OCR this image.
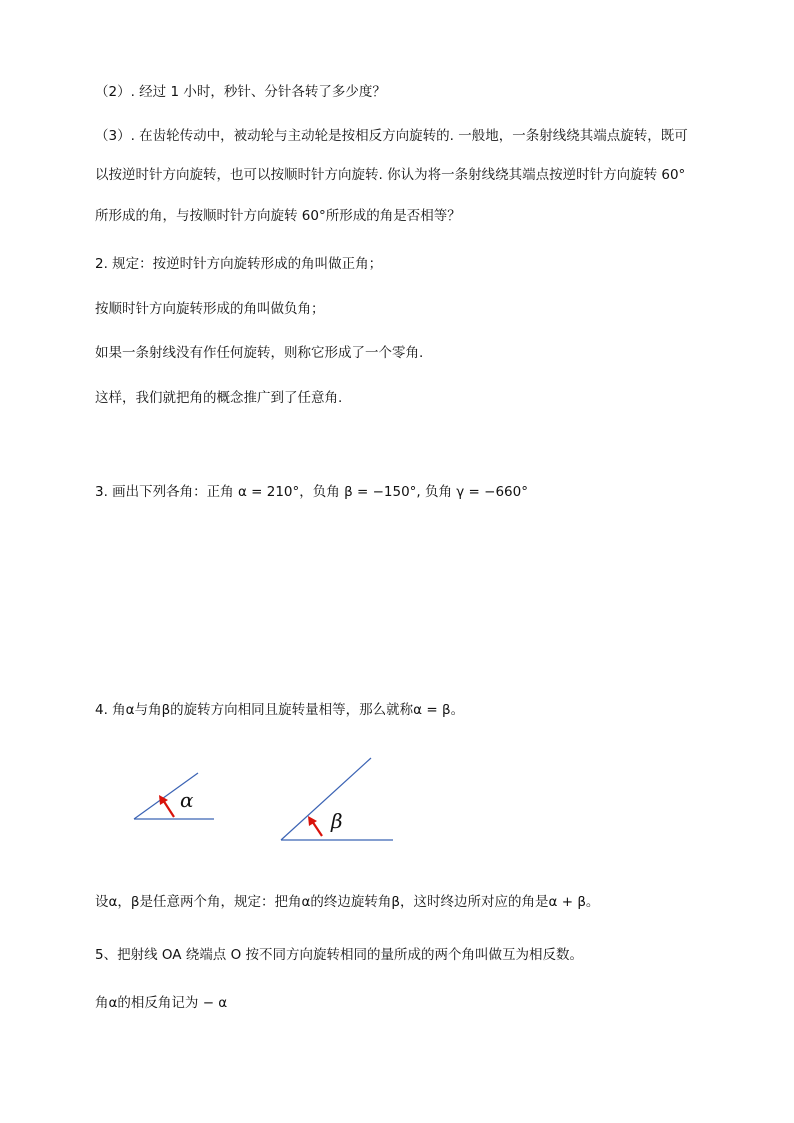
（2）. 经过 1 小时，秒针、分针各转了多少度？
（3）. 在齿轮传动中，被动轮与主动轮是按相反方向旋转的. 一般地，一条射线绕其端点旋转，既可
以按逆时针方向旋转，也可以按顺时针方向旋转. 你认为将一条射线绕其端点按逆时针方向旋转 60°
所形成的角，与按顺时针方向旋转 60°所形成的角是否相等？
2. 规定：按逆时针方向旋转形成的角叫做正角；
按顺时针方向旋转形成的角叫做负角；
如果一条射线没有作任何旋转，则称它形成了一个零角.
这样，我们就把角的概念推广到了任意角.
3. 画出下列各角：正角 α = 210°，负角 β = −150°, 负角 γ = −660°
4. 角α与角β的旋转方向相同且旋转量相等，那么就称α = β。
α
β
设α，β是任意两个角，规定：把角α的终边旋转角β，这时终边所对应的角是α + β。
5、把射线 OA 绕端点 O 按不同方向旋转相同的量所成的两个角叫做互为相反数。
角α的相反角记为 − α
